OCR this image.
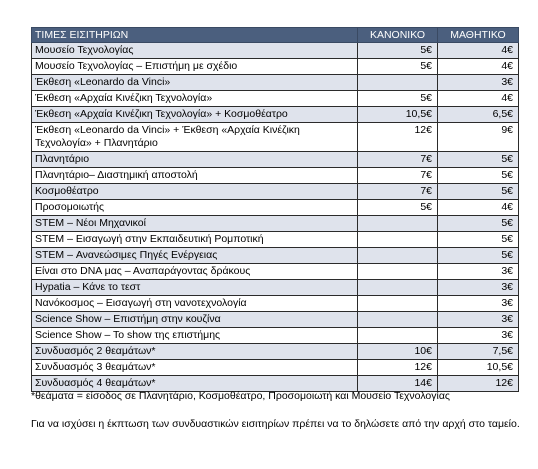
ΤΙΜΕΣ ΕΙΣΙΤΗΡΙΩΝ	ΚΑΝΟΝΙΚΟ	ΜΑΘΗΤΙΚΟ
Μουσείο Τεχνολογίας	5€	4€
Μουσείο Τεχνολογίας – Επιστήμη με σχέδιο	5€	4€
Έκθεση «Leonardo da Vinci»		3€
Έκθεση «Αρχαία Κινέζικη Τεχνολογία»	5€	4€
Έκθεση «Αρχαία Κινέζικη Τεχνολογία» + Κοσμοθέατρο	10,5€	6,5€
Έκθεση «Leonardo da Vinci» + Έκθεση «Αρχαία Κινέζικη Τεχνολογία» + Πλανητάριο	12€	9€
Πλανητάριο	7€	5€
Πλανητάριο– Διαστημική αποστολή	7€	5€
Κοσμοθέατρο	7€	5€
Προσομοιωτής	5€	4€
STEM – Νέοι Μηχανικοί		5€
STEM – Εισαγωγή στην Εκπαιδευτική Ρομποτική		5€
STEM – Ανανεώσιμες Πηγές Ενέργειας		5€
Είναι στο DNA μας – Αναπαράγοντας δράκους		3€
Hypatia – Κάνε το τεστ		3€
Νανόκοσμος – Εισαγωγή στη νανοτεχνολογία		3€
Science Show – Επιστήμη στην κουζίνα		3€
Science Show – To show της επιστήμης		3€
Συνδυασμός 2 θεαμάτων*	10€	7,5€
Συνδυασμός 3 θεαμάτων*	12€	10,5€
Συνδυασμός 4 θεαμάτων*	14€	12€

*θεάματα = είσοδος σε Πλανητάριο, Κοσμοθέατρο, Προσομοιωτή και Μουσείο Τεχνολογίας

Για να ισχύσει η έκπτωση των συνδυαστικών εισιτηρίων πρέπει να το δηλώσετε από την αρχή στο ταμείο.
